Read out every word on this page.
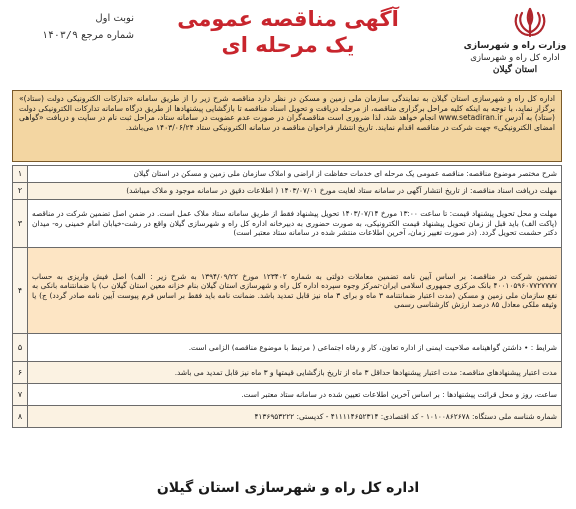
وزارت راه و شهرسازی
اداره کل راه و شهرسازی
استان گیلان
آگهی مناقصه عمومی
یک مرحله ای
نوبت اول
شماره مرجع ۱۴۰۳/۹
اداره کل راه و شهرسازی استان گیلان به نمایندگی سازمان ملی زمین و مسکن در نظر دارد مناقصه شرح زیر را از طریق سامانه «تدارکات الکترونیکی دولت (ستاد)» برگزار نماید، با توجه به اینکه کلیه مراحل برگزاری مناقصه، از مرحله دریافت و تحویل اسناد مناقصه تا بازگشایی پیشنهادها از طریق درگاه سامانه تدارکات الکترونیکی دولت (ستاد) به آدرس www.setadiran.ir انجام خواهد شد، لذا ضروری است مناقصه‌گران در صورت عدم عضویت در سامانه ستاد، مراحل ثبت نام در سایت و دریافت «گواهی امضای الکترونیکی» جهت شرکت در مناقصه اقدام نمایند. تاریخ انتشار فراخوان مناقصه در سامانه الکترونیکی ستاد ۱۴۰۳/۰۶/۲۴ می‌باشد.
شرح مختصر موضوع مناقصه: مناقصه عمومی یک مرحله ای خدمات حفاظت از اراضی و املاک سازمان ملی زمین و مسکن در استان گیلان	۱
مهلت دریافت اسناد مناقصه: از تاریخ انتشار آگهی در سامانه ستاد لغایت مورخ ۱۴۰۳/۰۷/۰۱ ( اطلاعات دقیق در سامانه موجود و ملاک میباشد)	۲
مهلت و محل تحویل پیشنهاد قیمت: تا ساعت ۱۳:۰۰ مورخ ۱۴۰۳/۰۷/۱۴ تحویل پیشنهاد فقط از طریق سامانه ستاد ملاک عمل است. در ضمن اصل تضمین شرکت در مناقصه (پاکت الف) باید قبل از زمان تحویل پیشنهاد قیمت الکترونیکی، به صورت حضوری به دبیرخانه اداره کل راه و شهرسازی گیلان واقع در رشت-خیابان امام خمینی ره- میدان دکتر حشمت تحویل گردد. (در صورت تغییر زمان، آخرین اطلاعات منتشر شده در سامانه ستاد معتبر است)	۳
تضمین شرکت در مناقصه: بر اساس آیین نامه تضمین معاملات دولتی به شماره ۱۲۳۴۰۲ مورخ ۱۳۹۴/۰۹/۲۲ به شرح زیر : الف) اصل فیش واریزی به حساب ۴۰۰۱۰۵۹۶۰۷۷۲۷۷۷۷ بانک مرکزی جمهوری اسلامی ایران-تمرکز وجوه سپرده اداره کل راه و شهرسازی استان گیلان بنام خزانه معین استان گیلان ب) یا ضمانتنامه بانکی به نفع سازمان ملی زمین و مسکن (مدت اعتبار ضمانتنامه ۳ ماه و برای ۳ ماه نیز قابل تمدید باشد. ضمانت نامه باید فقط بر اساس فرم پیوست آیین نامه صادر گردد) ج) یا وثیقه ملکی معادل ۸۵ درصد ارزش کارشناسی رسمی	۴
شرایط : • داشتن گواهینامه صلاحیت ایمنی از اداره تعاون، کار و رفاه اجتماعی ( مرتبط با موضوع مناقصه) الزامی است.	۵
مدت اعتبار پیشنهادهای مناقصه: مدت اعتبار پیشنهادها حداقل ۳ ماه از تاریخ بازگشایی قیمتها و ۳ ماه نیز قابل تمدید می باشد.	۶
ساعت، روز و محل قرائت پیشنهادها : بر اساس آخرین اطلاعات تعیین شده در سامانه ستاد معتبر است.	۷
شماره شناسه ملی دستگاه: ۱۰۱۰۰۸۶۲۶۷۸ - کد اقتصادی: ۴۱۱۱۱۴۶۵۲۳۱۴ - کدپستی: ۴۱۳۶۹۵۳۲۲۲	۸
اداره کل راه و شهرسازی استان گیلان
